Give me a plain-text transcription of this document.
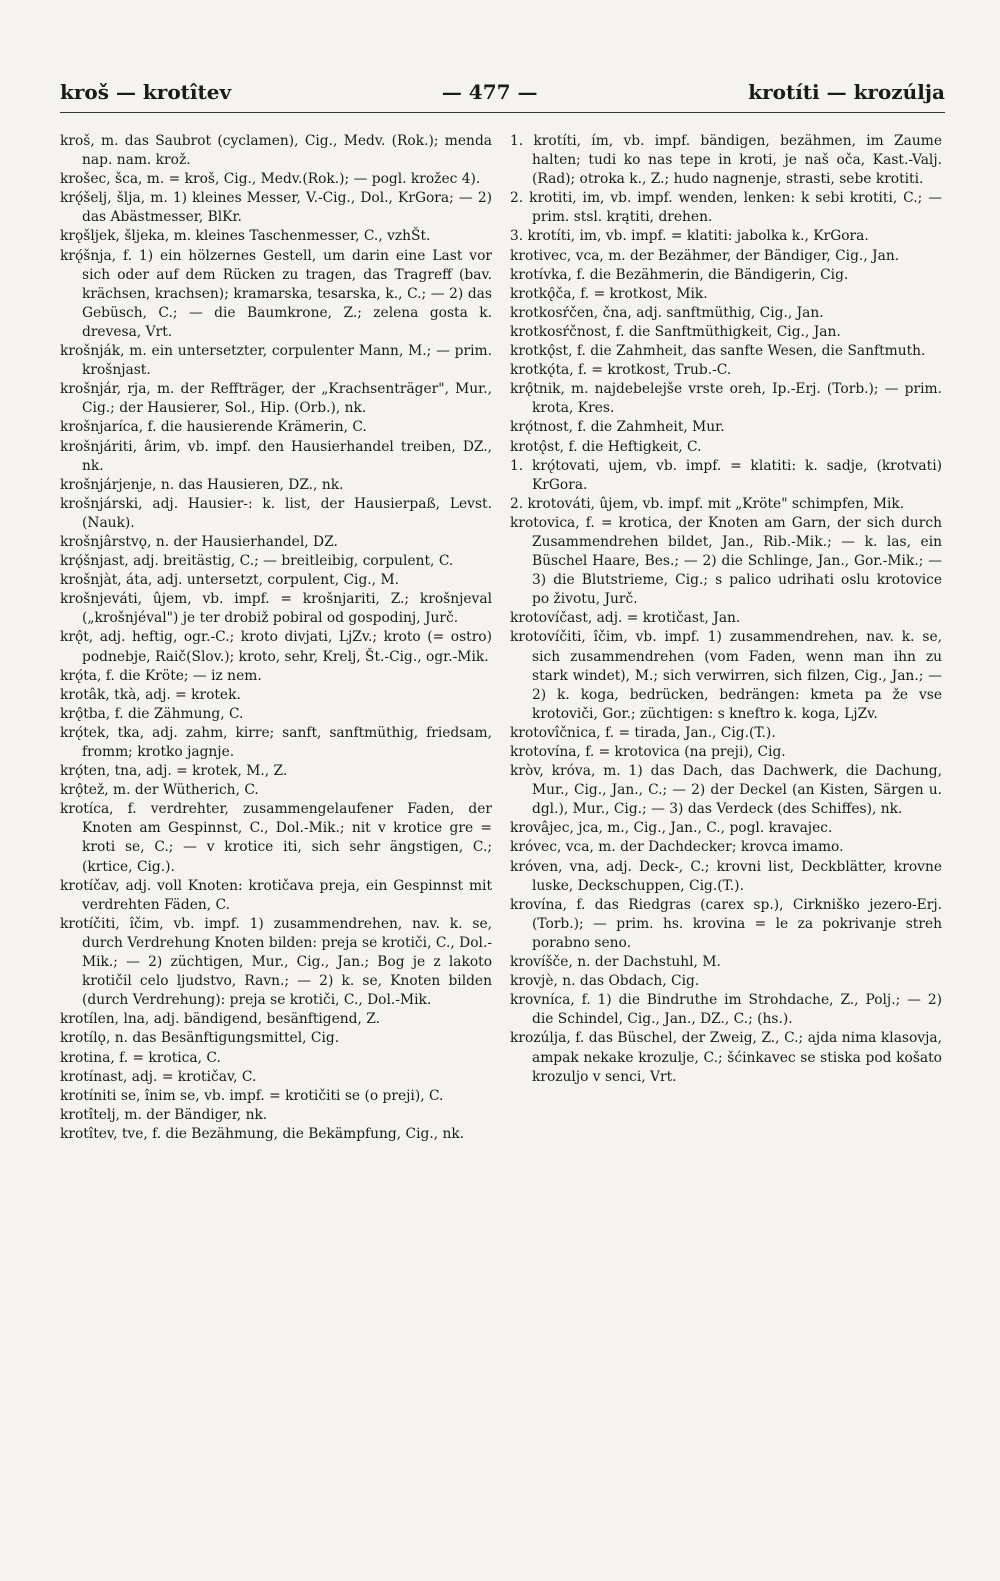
kroš — krotîtev	— 477 —	krotíti — krozúlja
kroš, m. das Saubrot (cyclamen), Cig., Medv. (Rok.); menda nap. nam. krož.
krošec, šca, m. = kroš, Cig., Medv.(Rok.); — pogl. krožec 4).
krǫ́šelj, šlja, m. 1) kleines Messer, V.-Cig., Dol., KrGora; — 2) das Abästmesser, BlKr.
krǫšljek, šljeka, m. kleines Taschenmesser, C., vzhŠt.
krǫ́šnja, f. 1) ein hölzernes Gestell, um darin eine Last vor sich oder auf dem Rücken zu tragen, das Tragreff (bav. krächsen, krachsen); kramarska, tesarska, k., C.; — 2) das Gebüsch, C.; — die Baumkrone, Z.; zelena gosta k. drevesa, Vrt.
krošnják, m. ein untersetzter, corpulenter Mann, M.; — prim. krošnjast.
krošnjár, rja, m. der Reffträger, der „Krachsenträger", Mur., Cig.; der Hausierer, Sol., Hip. (Orb.), nk.
krošnjaríca, f. die hausierende Krämerin, C.
krošnjáriti, ârim, vb. impf. den Hausierhandel treiben, DZ., nk.
krošnjárjenje, n. das Hausieren, DZ., nk.
krošnjárski, adj. Hausier-: k. list, der Hausierpaß, Levst.(Nauk).
krošnjârstvǫ, n. der Hausierhandel, DZ.
krǫ́šnjast, adj. breitästig, C.; — breitleibig, corpulent, C.
krošnjàt, áta, adj. untersetzt, corpulent, Cig., M.
krošnjeváti, ûjem, vb. impf. = krošnjariti, Z.; krošnjeval („krošnjéval") je ter drobiž pobiral od gospodinj, Jurč.
krǫ̂t, adj. heftig, ogr.-C.; kroto divjati, LjZv.; kroto (= ostro) podnebje, Raič(Slov.); kroto, sehr, Krelj, Št.-Cig., ogr.-Mik.
krǫ́ta, f. die Kröte; — iz nem.
krotâk, tkà, adj. = krotek.
krǫ̂tba, f. die Zähmung, C.
krǫ́tek, tka, adj. zahm, kirre; sanft, sanftmüthig, friedsam, fromm; krotko jagnje.
krǫ́ten, tna, adj. = krotek, M., Z.
krǫ̂tež, m. der Wütherich, C.
krotíca, f. verdrehter, zusammengelaufener Faden, der Knoten am Gespinnst, C., Dol.-Mik.; nit v krotice gre = kroti se, C.; — v krotice iti, sich sehr ängstigen, C.; (krtice, Cig.).
krotíčav, adj. voll Knoten: krotičava preja, ein Gespinnst mit verdrehten Fäden, C.
krotíčiti, îčim, vb. impf. 1) zusammendrehen, nav. k. se, durch Verdrehung Knoten bilden: preja se krotiči, C., Dol.-Mik.; — 2) züchtigen, Mur., Cig., Jan.; Bog je z lakoto krotičil celo ljudstvo, Ravn.; — 2) k. se, Knoten bilden (durch Verdrehung): preja se krotiči, C., Dol.-Mik.
krotílen, lna, adj. bändigend, besänftigend, Z.
krotílǫ, n. das Besänftigungsmittel, Cig.
krotina, f. = krotica, C.
krotínast, adj. = krotičav, C.
krotíniti se, înim se, vb. impf. = krotičiti se (o preji), C.
krotîtelj, m. der Bändiger, nk.
krotîtev, tve, f. die Bezähmung, die Bekämpfung, Cig., nk.
1. krotíti, ím, vb. impf. bändigen, bezähmen, im Zaume halten; tudi ko nas tepe in kroti, je naš oča, Kast.-Valj.(Rad); otroka k., Z.; hudo nagnenje, strasti, sebe krotiti.
2. krotiti, im, vb. impf. wenden, lenken: k sebi krotiti, C.; — prim. stsl. krątiti, drehen.
3. krotíti, im, vb. impf. = klatiti: jabolka k., KrGora.
krotivec, vca, m. der Bezähmer, der Bändiger, Cig., Jan.
krotívka, f. die Bezähmerin, die Bändigerin, Cig.
krotkǫ̂ča, f. = krotkost, Mik.
krotkosŕčen, čna, adj. sanftmüthig, Cig., Jan.
krotkosŕčnost, f. die Sanftmüthigkeit, Cig., Jan.
krotkǫ̂st, f. die Zahmheit, das sanfte Wesen, die Sanftmuth.
krotkǫ́ta, f. = krotkost, Trub.-C.
krǫ̂tnik, m. najdebelejše vrste oreh, Ip.-Erj. (Torb.); — prim. krota, Kres.
krǫ́tnost, f. die Zahmheit, Mur.
krotǫ̂st, f. die Heftigkeit, C.
1. krǫ́tovati, ujem, vb. impf. = klatiti: k. sadje, (krotvati) KrGora.
2. krotováti, ûjem, vb. impf. mit „Kröte" schimpfen, Mik.
krotovica, f. = krotica, der Knoten am Garn, der sich durch Zusammendrehen bildet, Jan., Rib.-Mik.; — k. las, ein Büschel Haare, Bes.; — 2) die Schlinge, Jan., Gor.-Mik.; — 3) die Blutstrieme, Cig.; s palico udrihati oslu krotovice po životu, Jurč.
krotovíčast, adj. = krotičast, Jan.
krotovíčiti, îčim, vb. impf. 1) zusammendrehen, nav. k. se, sich zusammendrehen (vom Faden, wenn man ihn zu stark windet), M.; sich verwirren, sich filzen, Cig., Jan.; — 2) k. koga, bedrücken, bedrängen: kmeta pa že vse krotoviči, Gor.; züchtigen: s kneftro k. koga, LjZv.
krotovîčnica, f. = tirada, Jan., Cig.(T.).
krotovína, f. = krotovica (na preji), Cig.
kròv, króva, m. 1) das Dach, das Dachwerk, die Dachung, Mur., Cig., Jan., C.; — 2) der Deckel (an Kisten, Särgen u. dgl.), Mur., Cig.; — 3) das Verdeck (des Schiffes), nk.
krovâjec, jca, m., Cig., Jan., C., pogl. kravajec.
króvec, vca, m. der Dachdecker; krovca imamo.
króven, vna, adj. Deck-, C.; krovni list, Deckblätter, krovne luske, Deckschuppen, Cig.(T.).
krovína, f. das Riedgras (carex sp.), Cirkniško jezero-Erj.(Torb.); — prim. hs. krovina = le za pokrivanje streh porabno seno.
krovíšče, n. der Dachstuhl, M.
krovjè, n. das Obdach, Cig.
krovníca, f. 1) die Bindruthe im Strohdache, Z., Polj.; — 2) die Schindel, Cig., Jan., DZ., C.; (hs.).
krozúlja, f. das Büschel, der Zweig, Z., C.; ajda nima klasovja, ampak nekake krozulje, C.; šćinkavec se stiska pod košato krozuljo v senci, Vrt.
